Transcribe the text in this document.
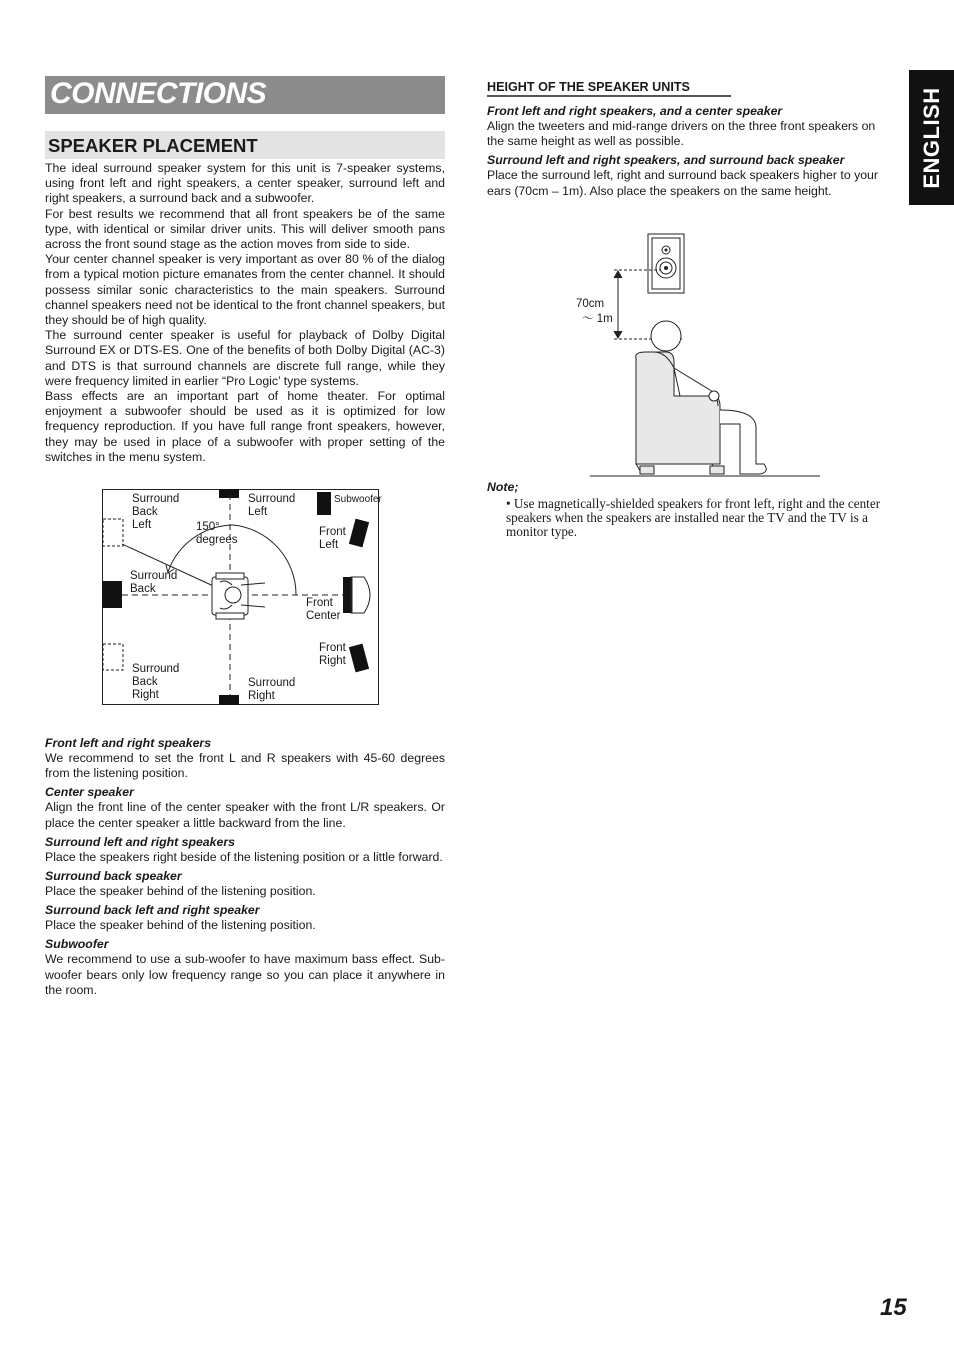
CONNECTIONS
SPEAKER PLACEMENT

The ideal surround speaker system for this unit is 7-speaker systems, using front left and right speakers, a center speaker, surround left and right speakers, a surround back and a subwoofer.

For best results we recommend that all front speakers be of the same type, with identical or similar driver units. This will deliver smooth pans across the front sound stage as the action moves from side to side.

Your center channel speaker is very important as over 80 % of the dialog from a typical motion picture emanates from the center channel. It should possess similar sonic characteristics to the main speakers. Surround channel speakers need not be identical to the front channel speakers, but they should be of high quality.

The surround center speaker is useful for playback of Dolby Digital Surround EX or DTS-ES. One of the benefits of both Dolby Digital (AC-3) and DTS is that surround channels are discrete full range, while they were frequency limited in earlier “Pro Logic’ type systems.

Bass effects are an important part of home theater. For optimal enjoyment a subwoofer should be used as it is optimized for low frequency reproduction. If you have full range front speakers, however, they may be used in place of a subwoofer with proper setting of the switches in the menu system.

Surround Back Left
Surround Left
Subwoofer
Front Left
150° degrees
Surround Back
Front Center
Front Right
Surround Back Right
Surround Right
Front left and right speakers
We recommend to set the front L and R speakers with 45-60 degrees from the listening position.
Center speaker
Align the front line of the center speaker with the front L/R speakers. Or place the center speaker a little backward from the line.
Surround left and right speakers
Place the speakers right beside of the listening position or a little forward.
Surround back speaker
Place the speaker behind of the listening position.
Surround back left and right speaker
Place the speaker behind of the listening position.
Subwoofer
We recommend to use a sub-woofer to have maximum bass effect. Sub-woofer bears only low frequency range so you can place it anywhere in the room.
HEIGHT OF THE SPEAKER UNITS
Front left and right speakers, and a center speaker
Align the tweeters and mid-range drivers on the three front speakers on the same height as well as possible.
Surround left and right speakers, and surround back speaker
Place the surround left, right and surround back speakers higher to your ears (70cm – 1m). Also place the speakers on the same height.
70cm ～ 1m
Note;
• Use magnetically-shielded speakers for front left, right and the center speakers when the speakers are installed near the TV and the TV is a monitor type.
ENGLISH
15
